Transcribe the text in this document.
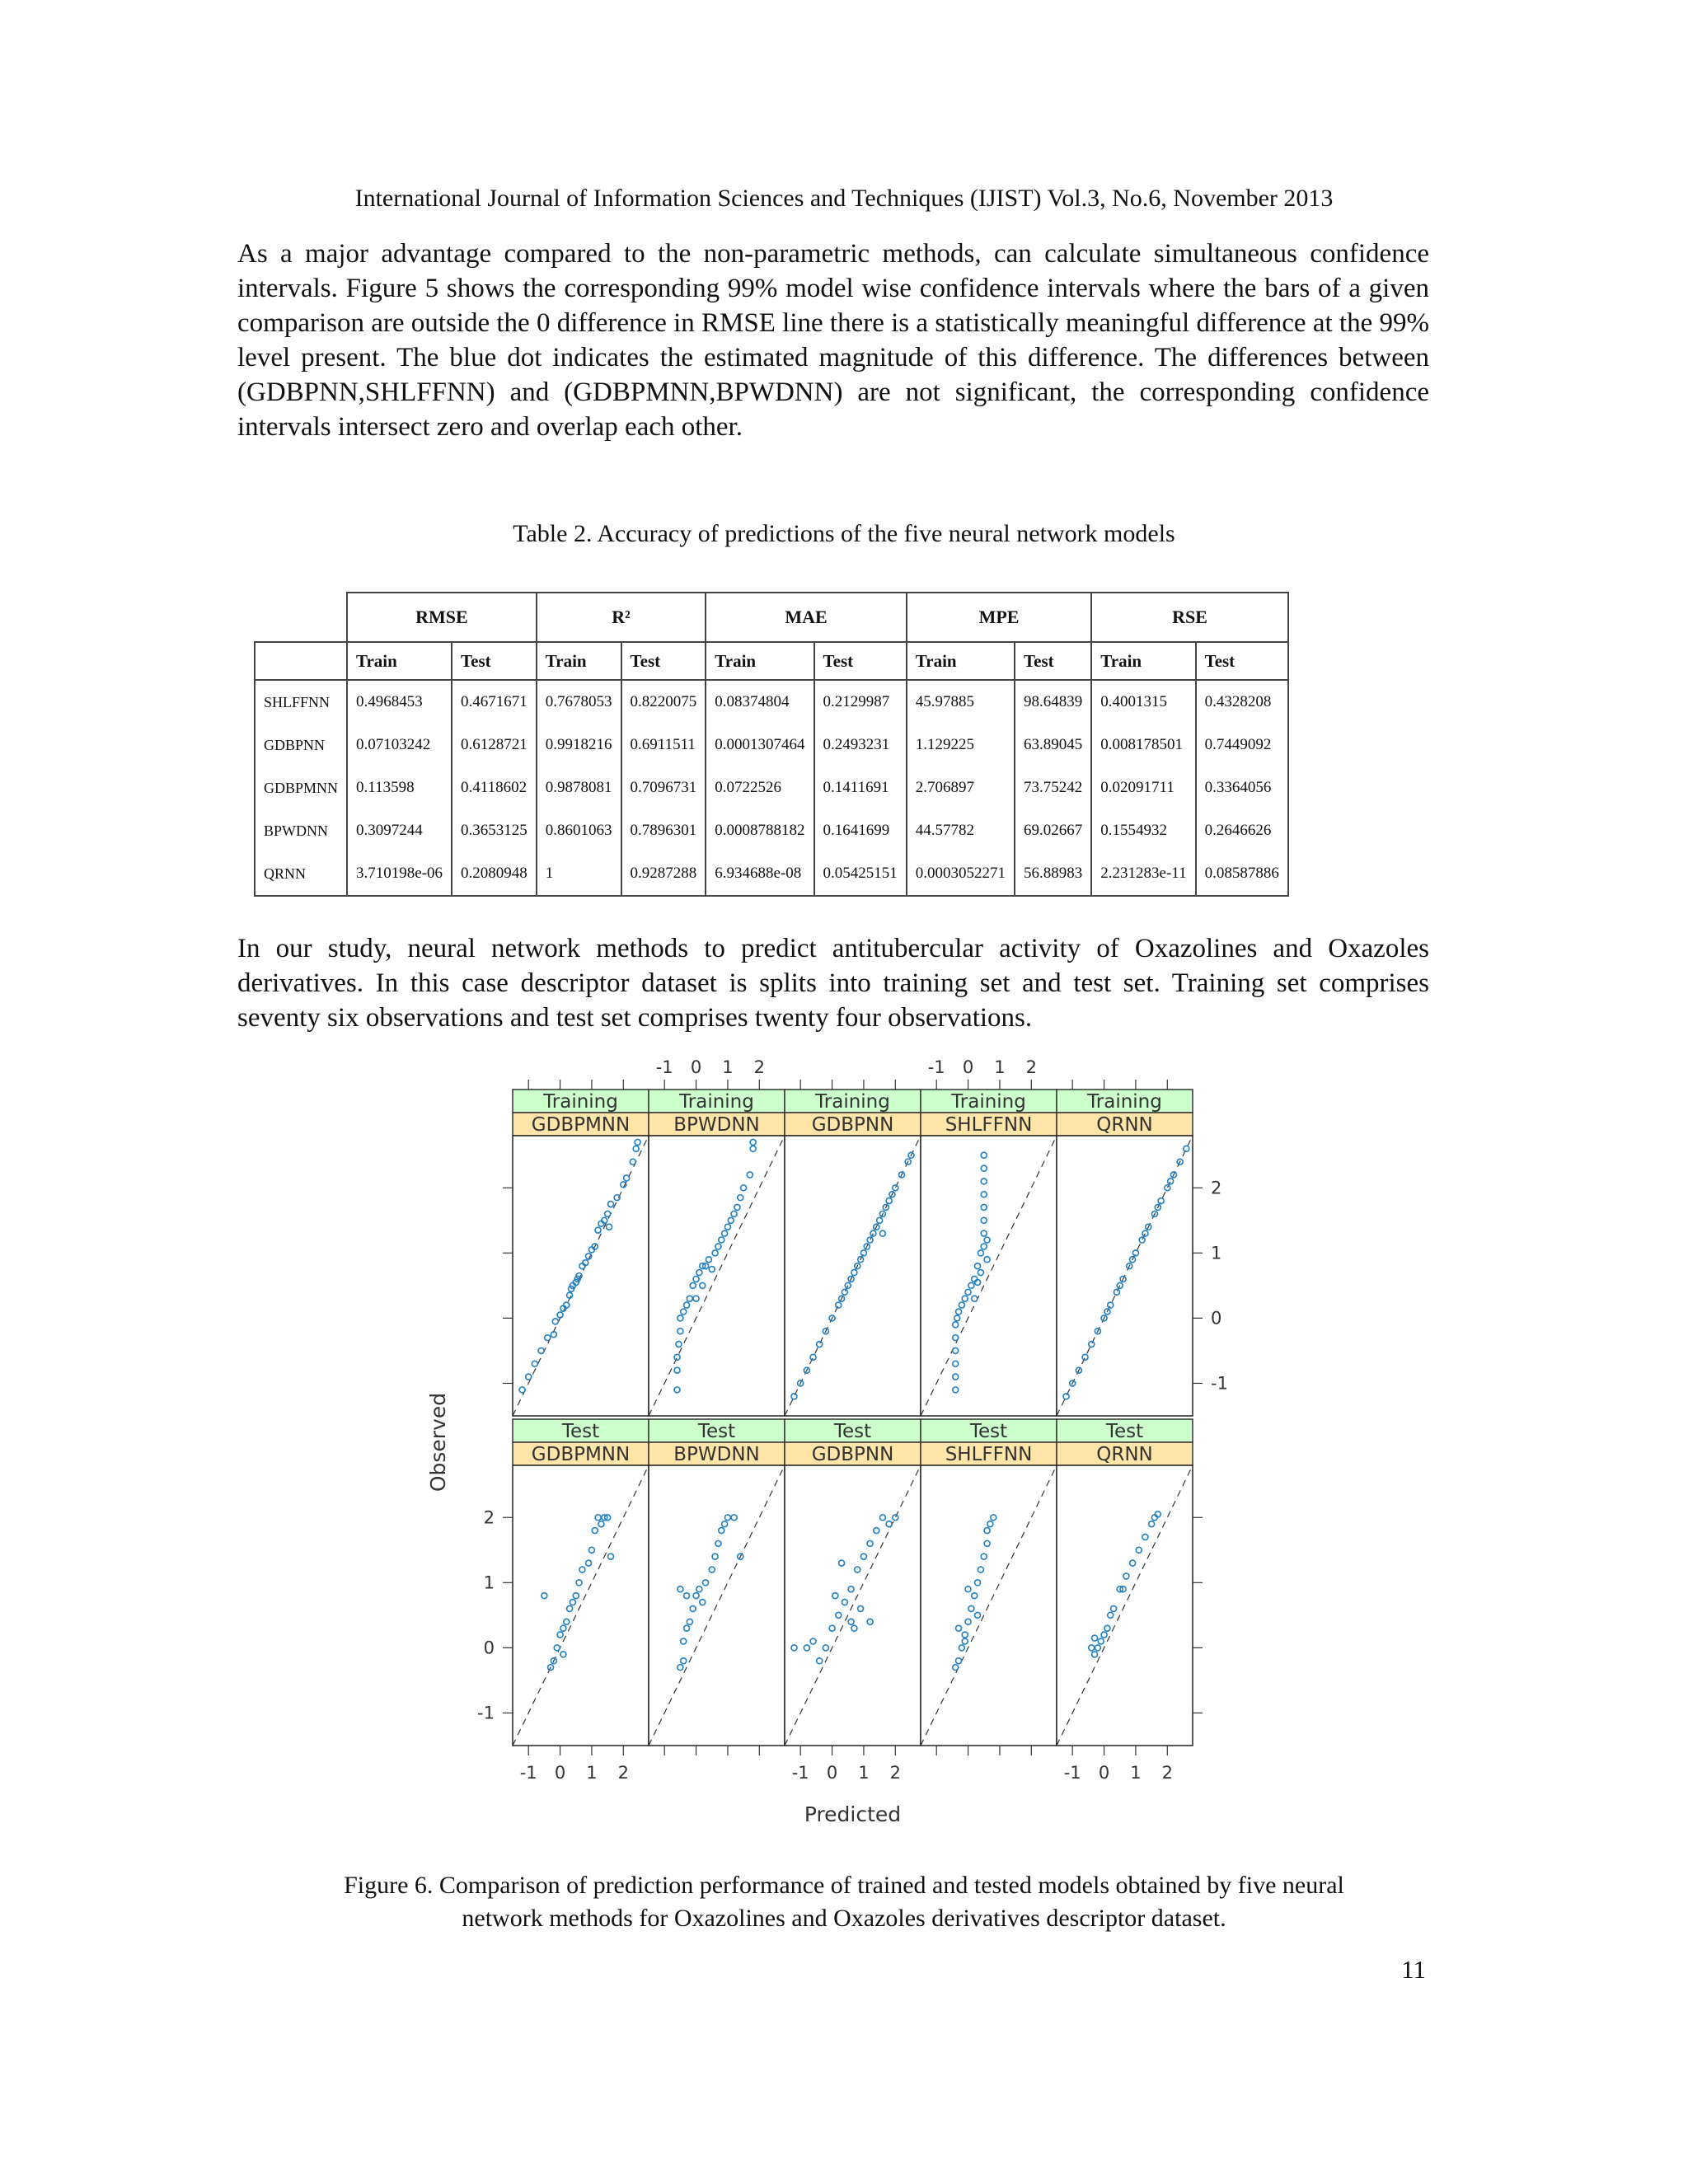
International Journal of Information Sciences and Techniques (IJIST) Vol.3, No.6, November 2013
As a major advantage compared to the non-parametric methods, can calculate simultaneous confidence intervals. Figure 5 shows the corresponding 99% model wise confidence intervals where the bars of a given comparison are outside the 0 difference in RMSE line there is a statistically meaningful difference at the 99% level present. The blue dot indicates the estimated magnitude of this difference. The differences between (GDBPNN,SHLFFNN) and (GDBPMNN,BPWDNN) are not significant, the corresponding confidence intervals intersect zero and overlap each other.
Table 2. Accuracy of predictions of the five neural network models
	RMSE		R²		MAE		MPE		RSE	
	Train	Test	Train	Test	Train	Test	Train	Test	Train	Test
SHLFFNN	0.4968453	0.4671671	0.7678053	0.8220075	0.08374804	0.2129987	45.97885	98.64839	0.4001315	0.4328208
GDBPNN	0.07103242	0.6128721	0.9918216	0.6911511	0.0001307464	0.2493231	1.129225	63.89045	0.008178501	0.7449092
GDBPMNN	0.113598	0.4118602	0.9878081	0.7096731	0.0722526	0.1411691	2.706897	73.75242	0.02091711	0.3364056
BPWDNN	0.3097244	0.3653125	0.8601063	0.7896301	0.0008788182	0.1641699	44.57782	69.02667	0.1554932	0.2646626
QRNN	3.710198e-06	0.2080948	1	0.9287288	6.934688e-08	0.05425151	0.0003052271	56.88983	2.231283e-11	0.08587886
In our study, neural network methods to predict antitubercular activity of Oxazolines and Oxazoles derivatives. In this case descriptor dataset is splits into training set and test set. Training set comprises seventy six observations and test set comprises twenty four observations.
Training
GDBPMNN
Training
BPWDNN
-1 0 1 2
Training
GDBPNN
Training
SHLFFNN
-1 0 1 2
Training
QRNN
-1
0
1
2
Test
GDBPMNN
-1 0 1 2
-1
0
1
2
Test
BPWDNN
Test
GDBPNN
-1 0 1 2
Test
SHLFFNN
Test
QRNN
-1 0 1 2
Predicted
Observed
Figure 6. Comparison of prediction performance of trained and tested models obtained by five neural
network methods for Oxazolines and Oxazoles derivatives descriptor dataset.
11
